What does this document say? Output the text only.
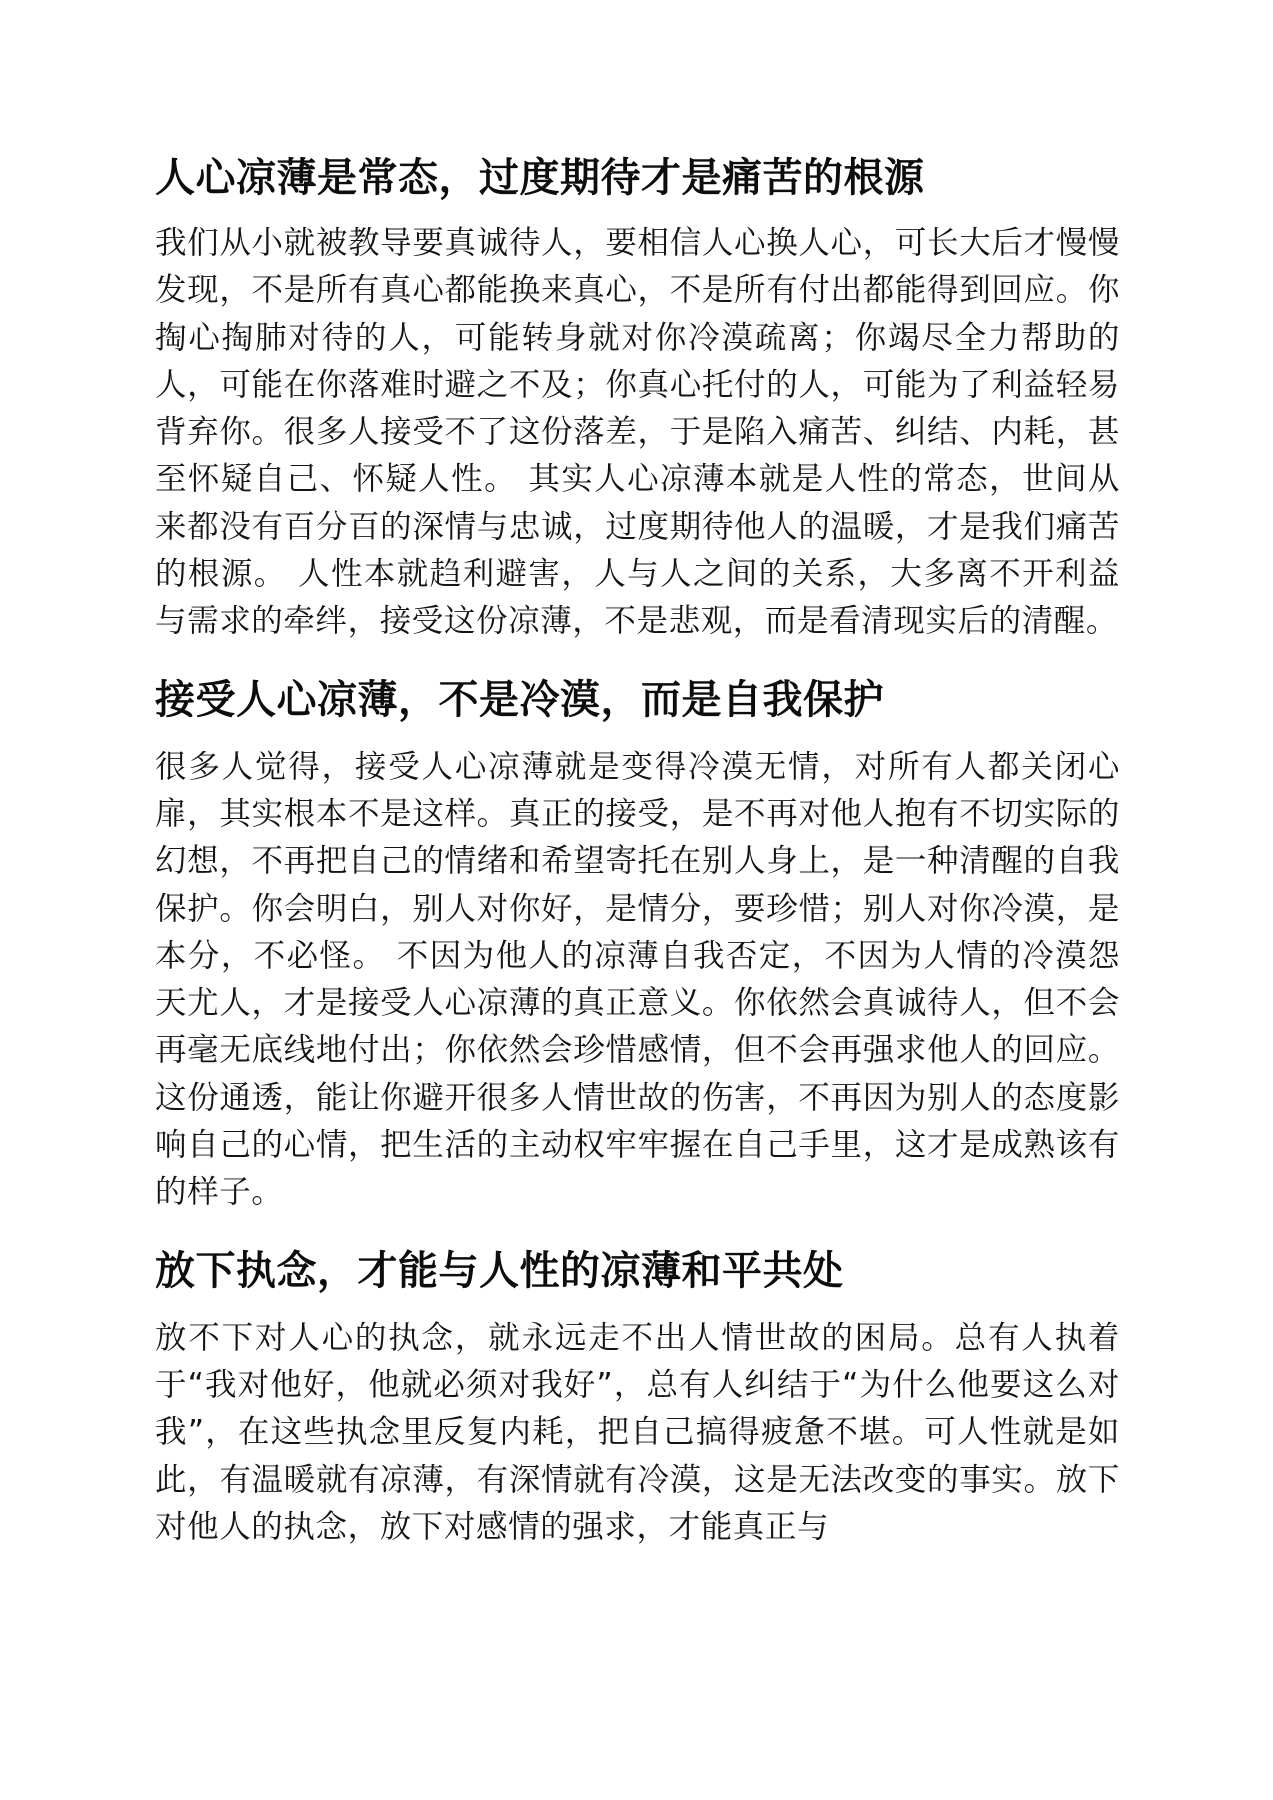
人心凉薄是常态，过度期待才是痛苦的根源

我们从小就被教导要真诚待人，要相信人心换人心，可长大后才慢慢发现，不是所有真心都能换来真心，不是所有付出都能得到回应。你掏心掏肺对待的人，可能转身就对你冷漠疏离；你竭尽全力帮助的人，可能在你落难时避之不及；你真心托付的人，可能为了利益轻易背弃你。很多人接受不了这份落差，于是陷入痛苦、纠结、内耗，甚至怀疑自己、怀疑人性。 其实人心凉薄本就是人性的常态，世间从来都没有百分百的深情与忠诚，过度期待他人的温暖，才是我们痛苦的根源。 人性本就趋利避害，人与人之间的关系，大多离不开利益与需求的牵绊，接受这份凉薄，不是悲观，而是看清现实后的清醒。

接受人心凉薄，不是冷漠，而是自我保护

很多人觉得，接受人心凉薄就是变得冷漠无情，对所有人都关闭心扉，其实根本不是这样。真正的接受，是不再对他人抱有不切实际的幻想，不再把自己的情绪和希望寄托在别人身上，是一种清醒的自我保护。你会明白，别人对你好，是情分，要珍惜；别人对你冷漠，是本分，不必怪。 不因为他人的凉薄自我否定，不因为人情的冷漠怨天尤人，才是接受人心凉薄的真正意义。你依然会真诚待人，但不会再毫无底线地付出；你依然会珍惜感情，但不会再强求他人的回应。这份通透，能让你避开很多人情世故的伤害，不再因为别人的态度影响自己的心情，把生活的主动权牢牢握在自己手里，这才是成熟该有的样子。

放下执念，才能与人性的凉薄和平共处

放不下对人心的执念，就永远走不出人情世故的困局。总有人执着于“我对他好，他就必须对我好”，总有人纠结于“为什么他要这么对我”，在这些执念里反复内耗，把自己搞得疲惫不堪。可人性就是如此，有温暖就有凉薄，有深情就有冷漠，这是无法改变的事实。放下对他人的执念，放下对感情的强求，才能真正与
